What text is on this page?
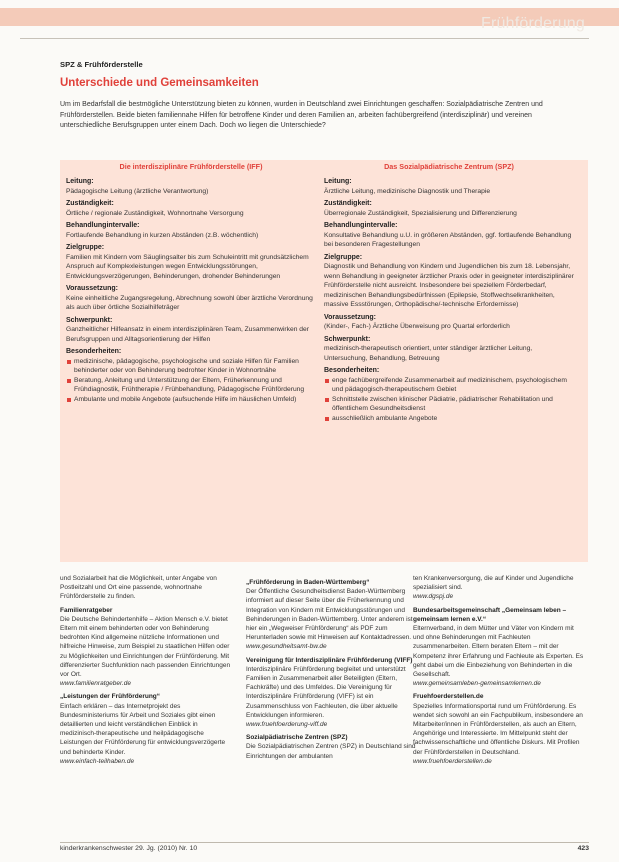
Frühförderung
SPZ & Frühförderstelle
Unterschiede und Gemeinsamkeiten
Um im Bedarfsfall die bestmögliche Unterstützung bieten zu können, wurden in Deutschland zwei Einrichtungen geschaffen: Sozialpädiatrische Zentren und Frühförderstellen. Beide bieten familiennahe Hilfen für betroffene Kinder und deren Familien an, arbeiten fachübergreifend (interdisziplinär) und vereinen unterschiedliche Berufsgruppen unter einem Dach. Doch wo liegen die Unterschiede?
Die interdisziplinäre Frühförderstelle (IFF)
Leitung:
Pädagogische Leitung (ärztliche Verantwortung)
Zuständigkeit:
Örtliche / regionale Zuständigkeit, Wohnortnahe Versorgung
Behandlungintervalle:
Fortlaufende Behandlung in kurzen Abständen (z.B. wöchentlich)
Zielgruppe:
Familien mit Kindern vom Säuglingsalter bis zum Schuleintritt mit grundsätzlichem Anspruch auf Komplexleistungen wegen Entwicklungsstörungen, Entwicklungsverzögerungen, Behinderungen, drohender Behinderungen
Voraussetzung:
Keine einheitliche Zugangsregelung, Abrechnung sowohl über ärztliche Verordnung als auch über örtliche Sozialhilfeträger
Schwerpunkt:
Ganzheitlicher Hilfeansatz in einem interdisziplinären Team, Zusammenwirken der Berufsgruppen und Alltagsorientierung der Hilfen
Besonderheiten:
medizinische, pädagogische, psychologische und soziale Hilfen für Familien behinderter oder von Behinderung bedrohter Kinder in Wohnortnähe
Beratung, Anleitung und Unterstützung der Eltern, Früherkennung und Frühdiagnostik, Frühtherapie / Frühbehandlung, Pädagogische Frühförderung
Ambulante und mobile Angebote (aufsuchende Hilfe im häuslichen Umfeld)
Das Sozialpädiatrische Zentrum (SPZ)
Leitung:
Ärztliche Leitung, medizinische Diagnostik und Therapie
Zuständigkeit:
Überregionale Zuständigkeit, Spezialisierung und Differenzierung
Behandlungintervalle:
Konsultative Behandlung u.U. in größeren Abständen, ggf. fortlaufende Behandlung bei besonderen Fragestellungen
Zielgruppe:
Diagnostik und Behandlung von Kindern und Jugendlichen bis zum 18. Lebensjahr, wenn Behandlung in geeigneter ärztlicher Praxis oder in geeigneter interdisziplinärer Frühförderstelle nicht ausreicht. Insbesondere bei speziellem Förderbedarf, medizinischen Behandlungsbedürfnissen (Epilepsie, Stoffwechselkrankheiten, massive Essstörungen, Orthopädische/-technische Erfordernisse)
Voraussetzung:
(Kinder-, Fach-) Ärztliche Überweisung pro Quartal erforderlich
Schwerpunkt:
medizinisch-therapeutisch orientiert, unter ständiger ärztlicher Leitung, Untersuchung, Behandlung, Betreuung
Besonderheiten:
enge fachübergreifende Zusammenarbeit auf medizinischem, psychologischem und pädagogisch-therapeutischem Gebiet
Schnittstelle zwischen klinischer Pädiatrie, pädiatrischer Rehabilitation und öffentlichem Gesundheitsdienst
ausschließlich ambulante Angebote
und Sozialarbeit hat die Möglichkeit, unter Angabe von Postleitzahl und Ort eine passende, wohnortnahe Frühförderstelle zu finden.
Familienratgeber
Die Deutsche Behindertenhilfe – Aktion Mensch e.V. bietet Eltern mit einem behinderten oder von Behinderung bedrohten Kind allgemeine nützliche Informationen und hilfreiche Hinweise, zum Beispiel zu staatlichen Hilfen oder zu Möglichkeiten und Einrichtungen der Frühförderung. Mit differenzierter Suchfunktion nach passenden Einrichtungen vor Ort.
www.familienratgeber.de
„Leistungen der Frühförderung“
Einfach erklären – das Internetprojekt des Bundesministeriums für Arbeit und Soziales gibt einen detaillierten und leicht verständlichen Einblick in medizinisch-therapeutische und heilpädagogische Leistungen der Frühförderung für entwicklungsverzögerte und behinderte Kinder.
www.einfach-teilhaben.de
„Frühförderung in Baden-Württemberg“
Der Öffentliche Gesundheitsdienst Baden-Württemberg informiert auf dieser Seite über die Früherkennung und Integration von Kindern mit Entwicklungsstörungen und Behinderungen in Baden-Württemberg. Unter anderem ist hier ein „Wegweiser Frühförderung“ als PDF zum Herunterladen sowie mit Hinweisen auf Kontaktadressen.
www.gesundheitsamt-bw.de
Vereinigung für Interdisziplinäre Frühförderung (VIFF)
Interdisziplinäre Frühförderung begleitet und unterstützt Familien in Zusammenarbeit aller Beteiligten (Eltern, Fachkräfte) und des Umfeldes. Die Vereinigung für Interdisziplinäre Frühförderung (VIFF) ist ein Zusammenschluss von Fachleuten, die über aktuelle Entwicklungen informieren.
www.fruehfoerderung-viff.de
Sozialpädiatrische Zentren (SPZ)
Die Sozialpädiatrischen Zentren (SPZ) in Deutschland sind Einrichtungen der ambulanten
ten Krankenversorgung, die auf Kinder und Jugendliche spezialisiert sind.
www.dgspj.de
Bundesarbeitsgemeinschaft „Gemeinsam leben – gemeinsam lernen e.V.“
Elternverband, in dem Mütter und Väter von Kindern mit und ohne Behinderungen mit Fachleuten zusammenarbeiten. Eltern beraten Eltern – mit der Kompetenz ihrer Erfahrung und Fachleute als Experten. Es geht dabei um die Einbeziehung von Behinderten in die Gesellschaft.
www.gemeinsamleben-gemeinsamlernen.de
Fruehfoerderstellen.de
Spezielles Informationsportal rund um Frühförderung. Es wendet sich sowohl an ein Fachpublikum, insbesondere an Mitarbeiter/innen in Frühförderstellen, als auch an Eltern, Angehörige und Interessierte. Im Mittelpunkt steht der fachwissenschaftliche und öffentliche Diskurs. Mit Profilen der Frühförderstellen in Deutschland.
www.fruehfoerderstellen.de
kinderkrankenschwester 29. Jg. (2010) Nr. 10	423
